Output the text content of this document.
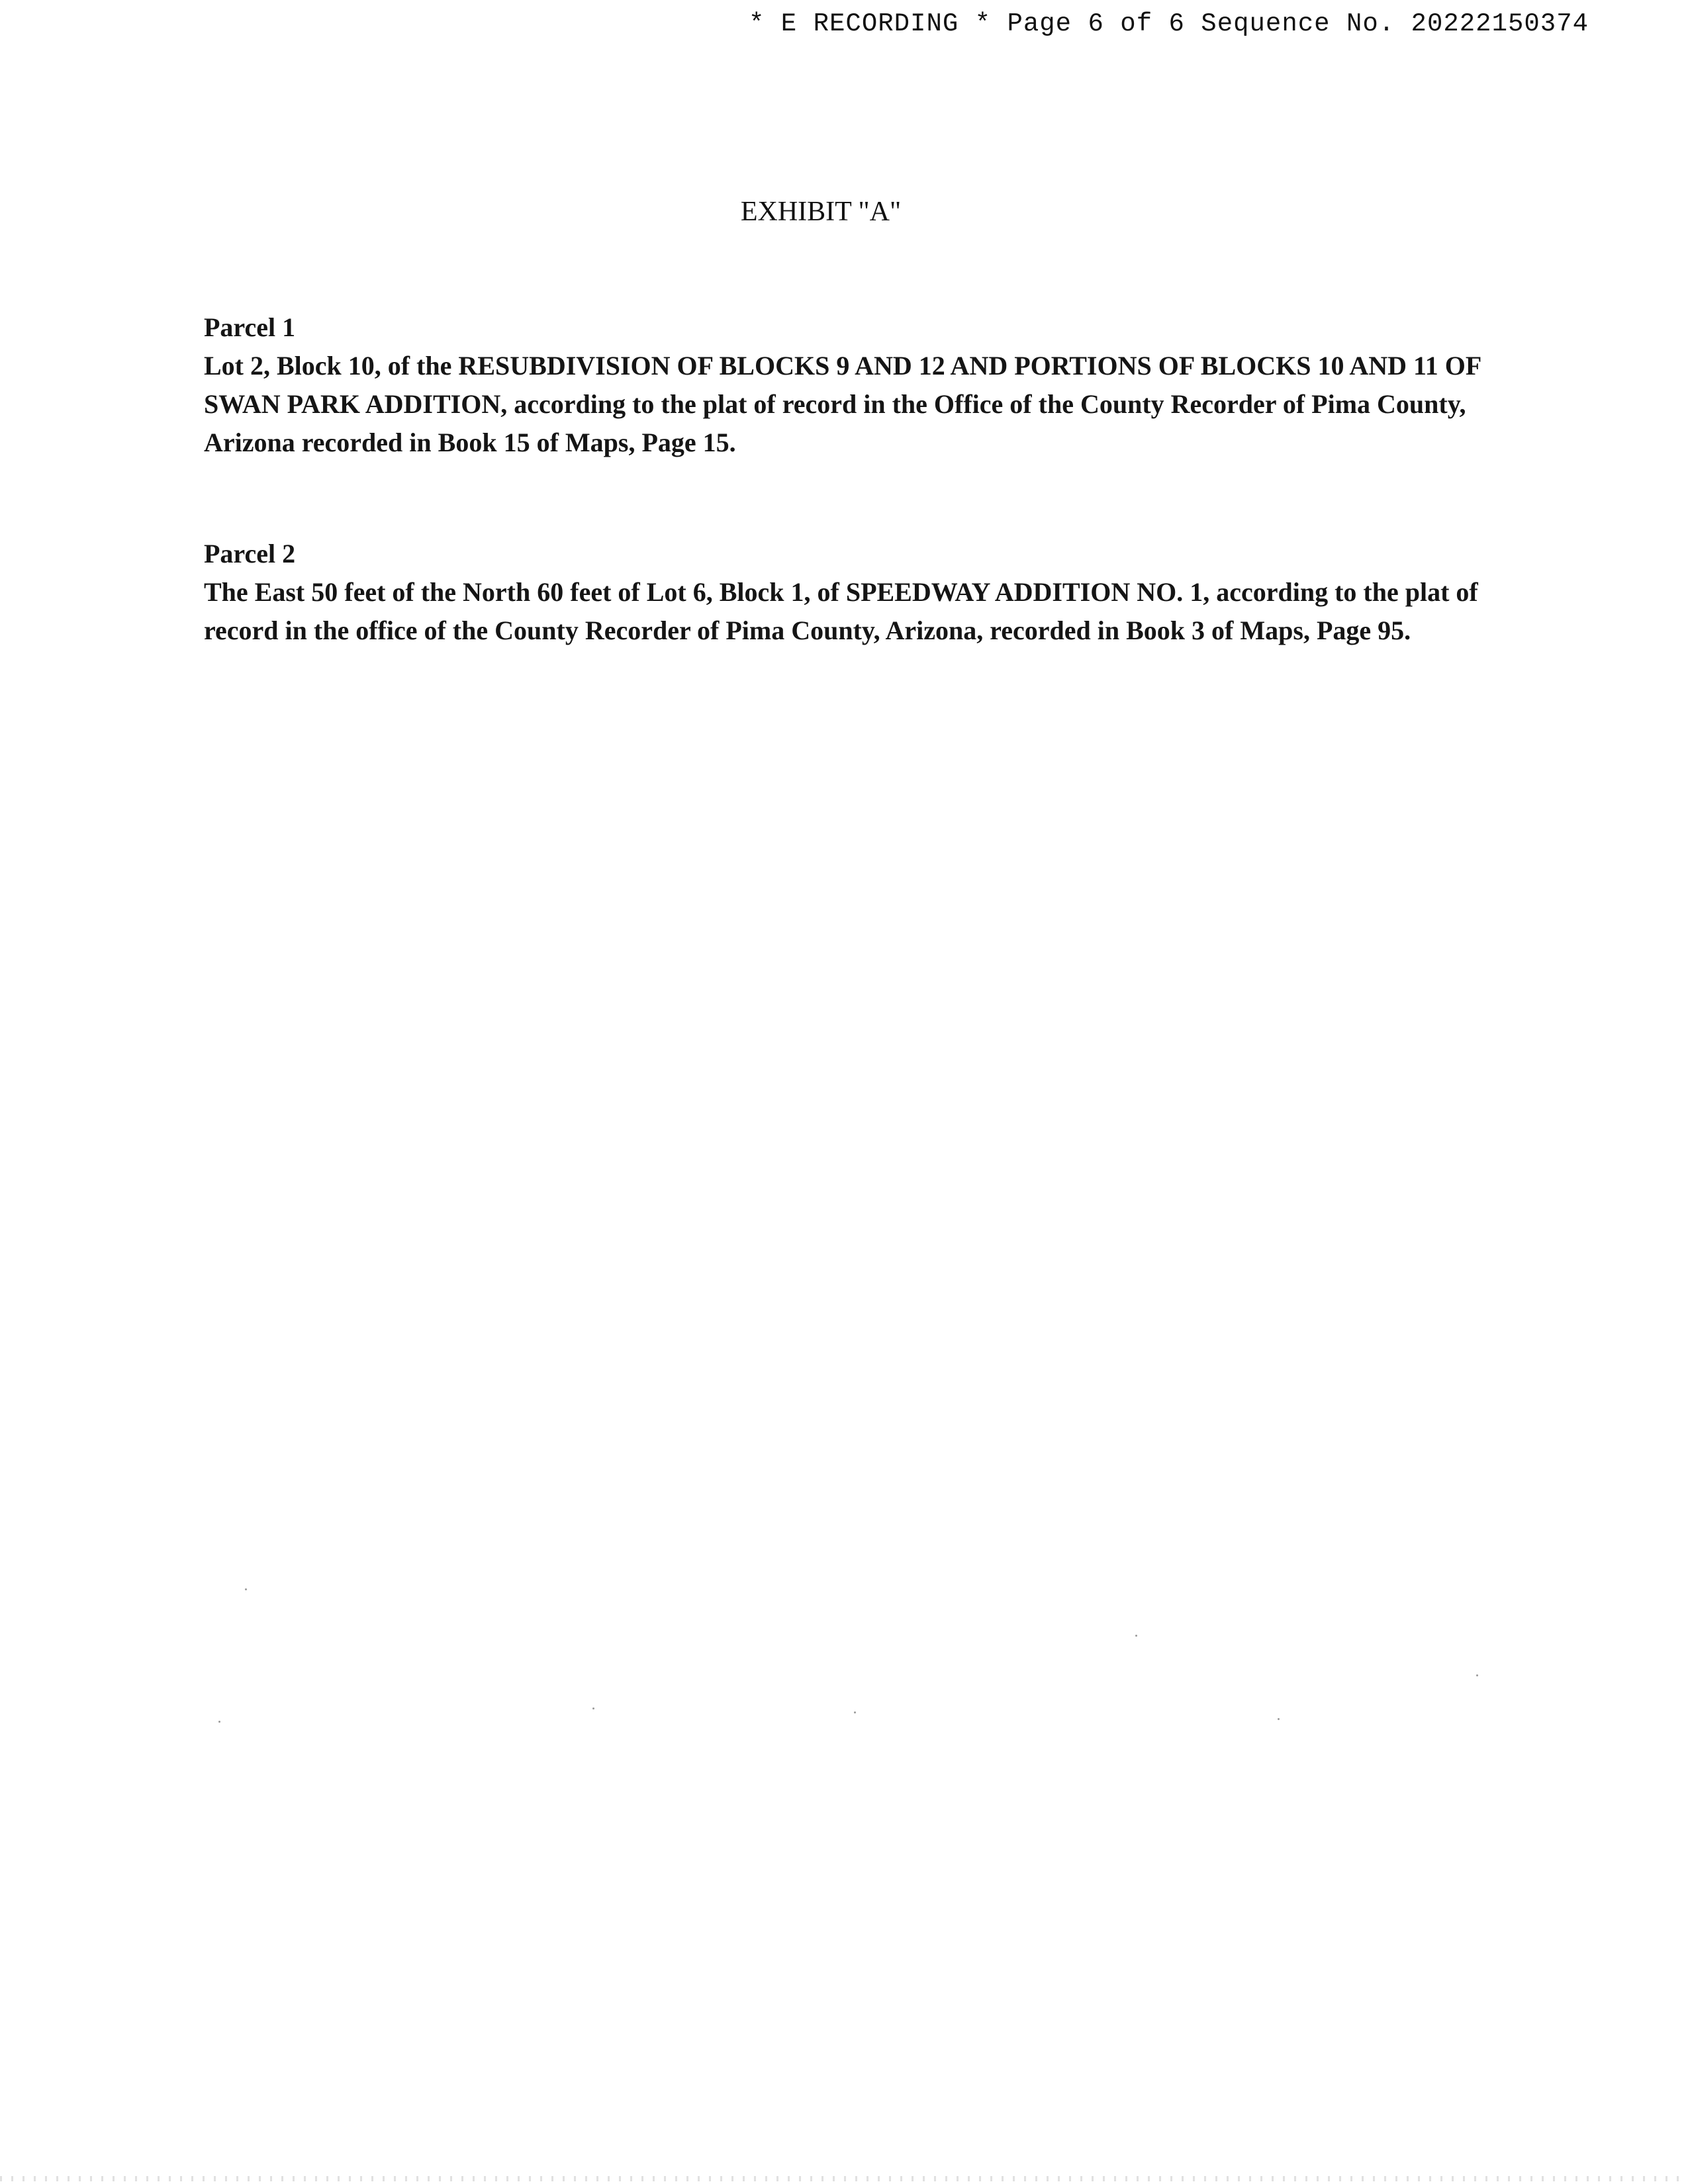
* E RECORDING * Page 6 of 6 Sequence No. 20222150374
EXHIBIT "A"
Parcel 1
Lot 2, Block 10, of the RESUBDIVISION OF BLOCKS 9 AND 12 AND PORTIONS OF BLOCKS 10 AND 11 OF SWAN PARK ADDITION, according to the plat of record in the Office of the County Recorder of Pima County, Arizona recorded in Book 15 of Maps, Page 15.
Parcel 2
The East 50 feet of the North 60 feet of Lot 6, Block 1, of SPEEDWAY ADDITION NO. 1, according to the plat of record in the office of the County Recorder of Pima County, Arizona, recorded in Book 3 of Maps, Page 95.
